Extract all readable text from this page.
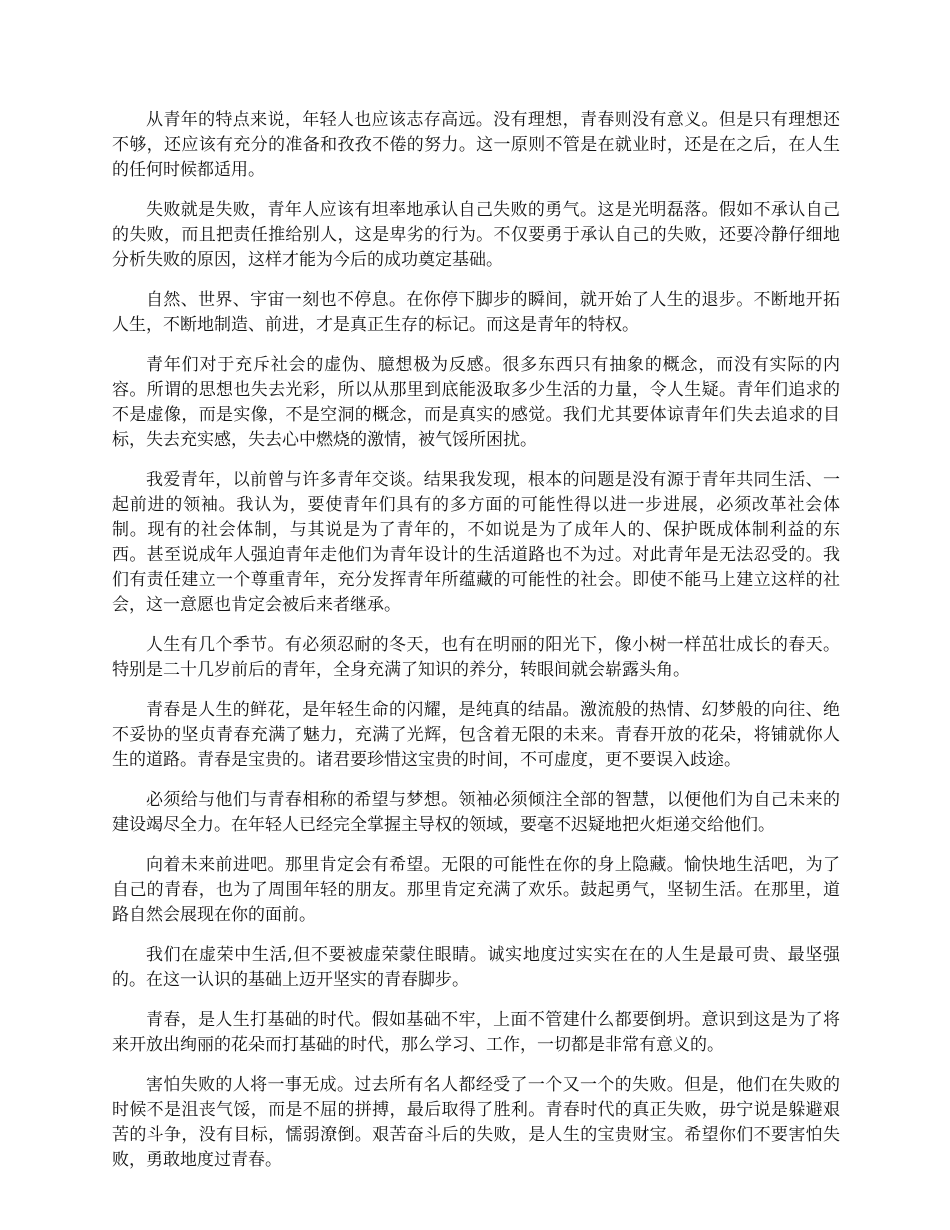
从青年的特点来说，年轻人也应该志存高远。没有理想，青春则没有意义。但是只有理想还不够，还应该有充分的准备和孜孜不倦的努力。这一原则不管是在就业时，还是在之后，在人生的任何时候都适用。

失败就是失败，青年人应该有坦率地承认自己失败的勇气。这是光明磊落。假如不承认自己的失败，而且把责任推给别人，这是卑劣的行为。不仅要勇于承认自己的失败，还要冷静仔细地分析失败的原因，这样才能为今后的成功奠定基础。

自然、世界、宇宙一刻也不停息。在你停下脚步的瞬间，就开始了人生的退步。不断地开拓人生，不断地制造、前进，才是真正生存的标记。而这是青年的特权。

青年们对于充斥社会的虚伪、臆想极为反感。很多东西只有抽象的概念，而没有实际的内容。所谓的思想也失去光彩，所以从那里到底能汲取多少生活的力量，令人生疑。青年们追求的不是虚像，而是实像，不是空洞的概念，而是真实的感觉。我们尤其要体谅青年们失去追求的目标，失去充实感，失去心中燃烧的激情，被气馁所困扰。

我爱青年，以前曾与许多青年交谈。结果我发现，根本的问题是没有源于青年共同生活、一起前进的领袖。我认为，要使青年们具有的多方面的可能性得以进一步进展，必须改革社会体制。现有的社会体制，与其说是为了青年的，不如说是为了成年人的、保护既成体制利益的东西。甚至说成年人强迫青年走他们为青年设计的生活道路也不为过。对此青年是无法忍受的。我们有责任建立一个尊重青年，充分发挥青年所蕴藏的可能性的社会。即使不能马上建立这样的社会，这一意愿也肯定会被后来者继承。

人生有几个季节。有必须忍耐的冬天，也有在明丽的阳光下，像小树一样茁壮成长的春天。特别是二十几岁前后的青年，全身充满了知识的养分，转眼间就会崭露头角。

青春是人生的鲜花，是年轻生命的闪耀，是纯真的结晶。激流般的热情、幻梦般的向往、绝不妥协的坚贞青春充满了魅力，充满了光辉，包含着无限的未来。青春开放的花朵，将铺就你人生的道路。青春是宝贵的。诸君要珍惜这宝贵的时间，不可虚度，更不要误入歧途。

必须给与他们与青春相称的希望与梦想。领袖必须倾注全部的智慧，以便他们为自己未来的建设竭尽全力。在年轻人已经完全掌握主导权的领域，要毫不迟疑地把火炬递交给他们。

向着未来前进吧。那里肯定会有希望。无限的可能性在你的身上隐藏。愉快地生活吧，为了自己的青春，也为了周围年轻的朋友。那里肯定充满了欢乐。鼓起勇气，坚韧生活。在那里，道路自然会展现在你的面前。

我们在虚荣中生活,但不要被虚荣蒙住眼睛。诚实地度过实实在在的人生是最可贵、最坚强的。在这一认识的基础上迈开坚实的青春脚步。

青春，是人生打基础的时代。假如基础不牢，上面不管建什么都要倒坍。意识到这是为了将来开放出绚丽的花朵而打基础的时代，那么学习、工作，一切都是非常有意义的。

害怕失败的人将一事无成。过去所有名人都经受了一个又一个的失败。但是，他们在失败的时候不是沮丧气馁，而是不屈的拼搏，最后取得了胜利。青春时代的真正失败，毋宁说是躲避艰苦的斗争，没有目标，懦弱潦倒。艰苦奋斗后的失败，是人生的宝贵财宝。希望你们不要害怕失败，勇敢地度过青春。
